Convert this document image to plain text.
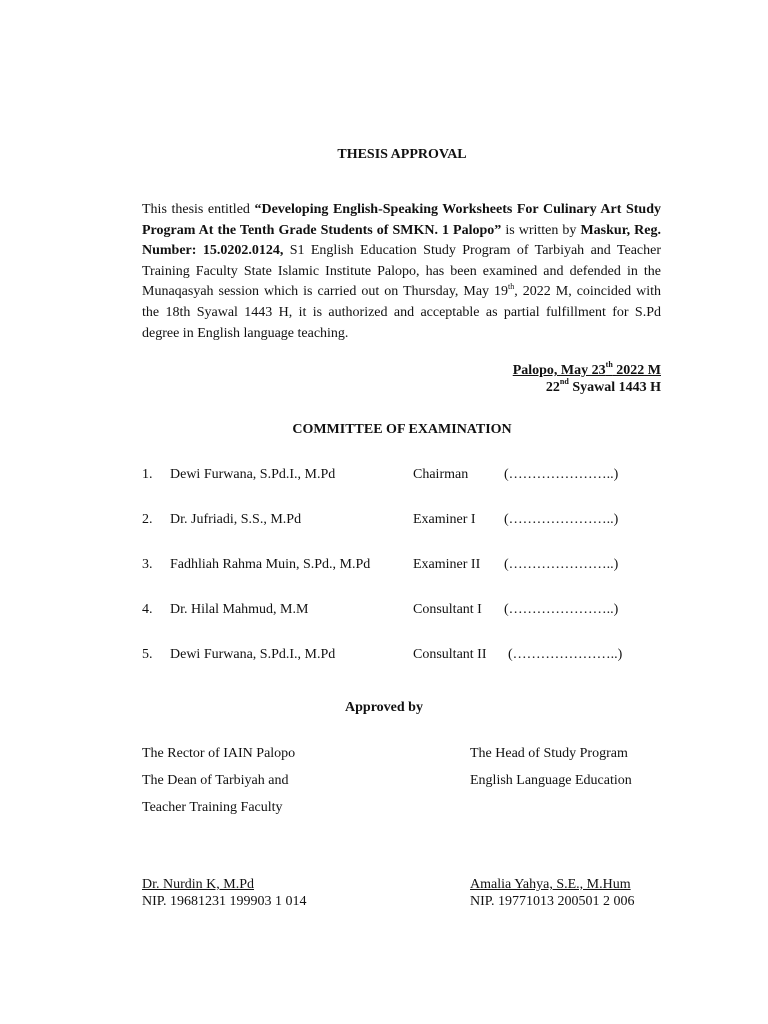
THESIS APPROVAL
This thesis entitled “Developing English-Speaking Worksheets For Culinary Art Study Program At the Tenth Grade Students of SMKN. 1 Palopo” is written by Maskur, Reg. Number: 15.0202.0124, S1 English Education Study Program of Tarbiyah and Teacher Training Faculty State Islamic Institute Palopo, has been examined and defended in the Munaqasyah session which is carried out on Thursday, May 19th, 2022 M, coincided with the 18th Syawal 1443 H, it is authorized and acceptable as partial fulfillment for S.Pd degree in English language teaching.
Palopo, May 23th 2022 M
22nd Syawal 1443 H
COMMITTEE OF EXAMINATION
1. Dewi Furwana, S.Pd.I., M.Pd	Chairman	(…………………..)
2. Dr. Jufriadi, S.S., M.Pd	Examiner I (…………………..)
3. Fadhliah Rahma Muin, S.Pd., M.Pd	Examiner II (…………………..)
4. Dr. Hilal Mahmud, M.M	Consultant I (…………………..)
5. Dewi Furwana, S.Pd.I., M.Pd	Consultant II (…………………..)
Approved by
The Rector of IAIN Palopo
The Dean of Tarbiyah and
Teacher Training Faculty
The Head of Study Program
English Language Education
Dr. Nurdin K, M.Pd
NIP. 19681231 199903 1 014
Amalia Yahya, S.E., M.Hum
NIP. 19771013 200501 2 006
